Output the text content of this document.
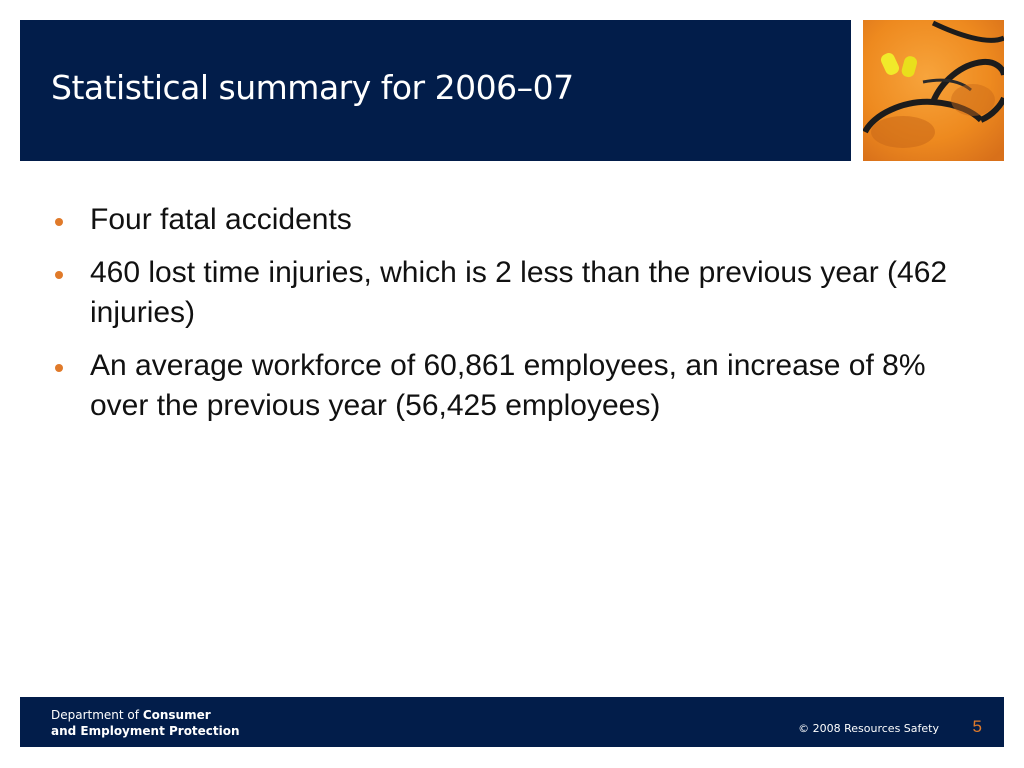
Statistical summary for 2006–07
Four fatal accidents
460 lost time injuries, which is 2 less than the previous year (462 injuries)
An average workforce of 60,861 employees, an increase of 8% over the previous year (56,425 employees)
Department of Consumer
and Employment Protection	© 2008 Resources Safety 5
